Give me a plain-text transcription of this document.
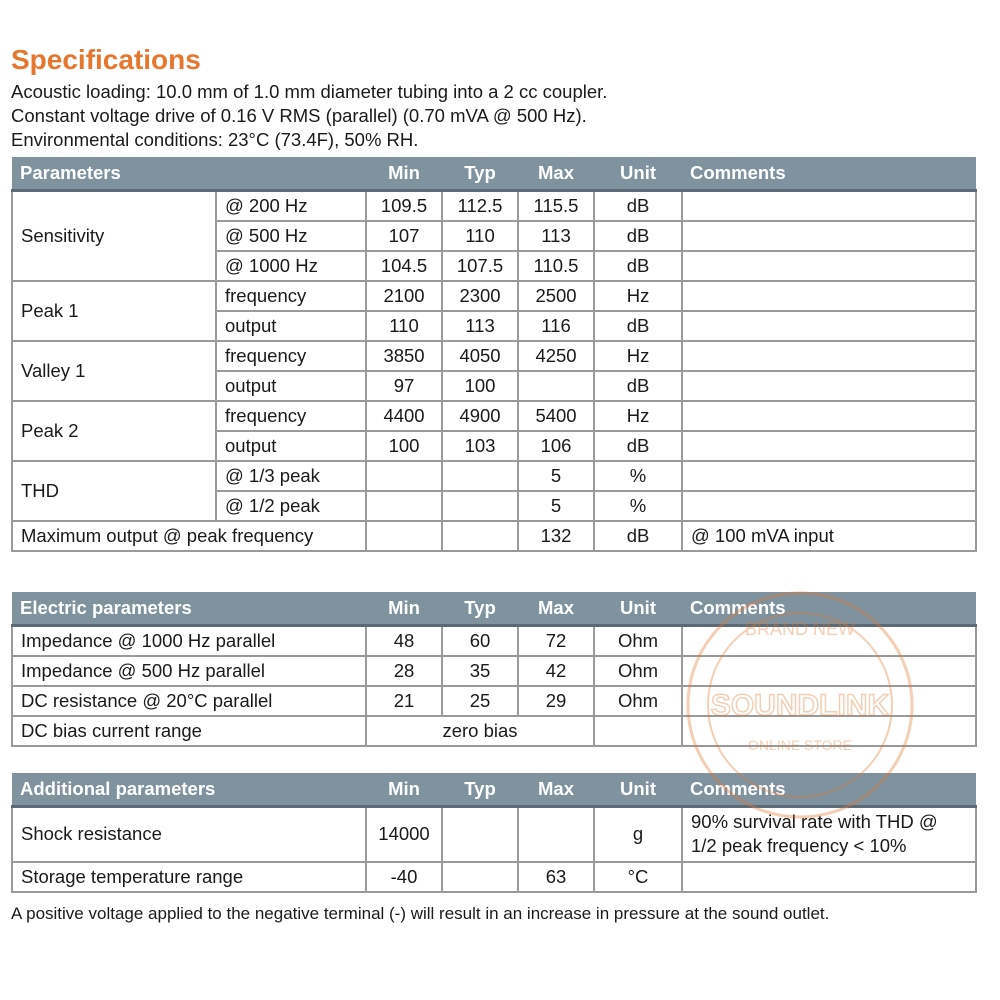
Specifications
Acoustic loading: 10.0 mm of 1.0 mm diameter tubing into a 2 cc coupler.
Constant voltage drive of 0.16 V RMS (parallel) (0.70 mVA @ 500 Hz).
Environmental conditions: 23°C (73.4F), 50% RH.
Parameters		Min	Typ	Max	Unit	Comments
Sensitivity	@ 200 Hz	109.5	112.5	115.5	dB	
	@ 500 Hz	107	110	113	dB	
	@ 1000 Hz	104.5	107.5	110.5	dB	
Peak 1	frequency	2100	2300	2500	Hz	
	output	110	113	116	dB	
Valley 1	frequency	3850	4050	4250	Hz	
	output	97	100		dB	
Peak 2	frequency	4400	4900	5400	Hz	
	output	100	103	106	dB	
THD	@ 1/3 peak			5	%	
	@ 1/2 peak			5	%	
Maximum output @ peak frequency				132	dB	@ 100 mVA input
Electric parameters	Min	Typ	Max	Unit	Comments
Impedance @ 1000 Hz parallel	48	60	72	Ohm	
Impedance @ 500 Hz parallel	28	35	42	Ohm	
DC resistance @ 20°C parallel	21	25	29	Ohm	
DC bias current range	zero bias				
Additional parameters	Min	Typ	Max	Unit	Comments
Shock resistance	14000			g	90% survival rate with THD @ 1/2 peak frequency < 10%
Storage temperature range	-40		63	°C	
A positive voltage applied to the negative terminal (-) will result in an increase in pressure at the sound outlet.
BRAND NEW
SOUNDLINK
ONLINE STORE
